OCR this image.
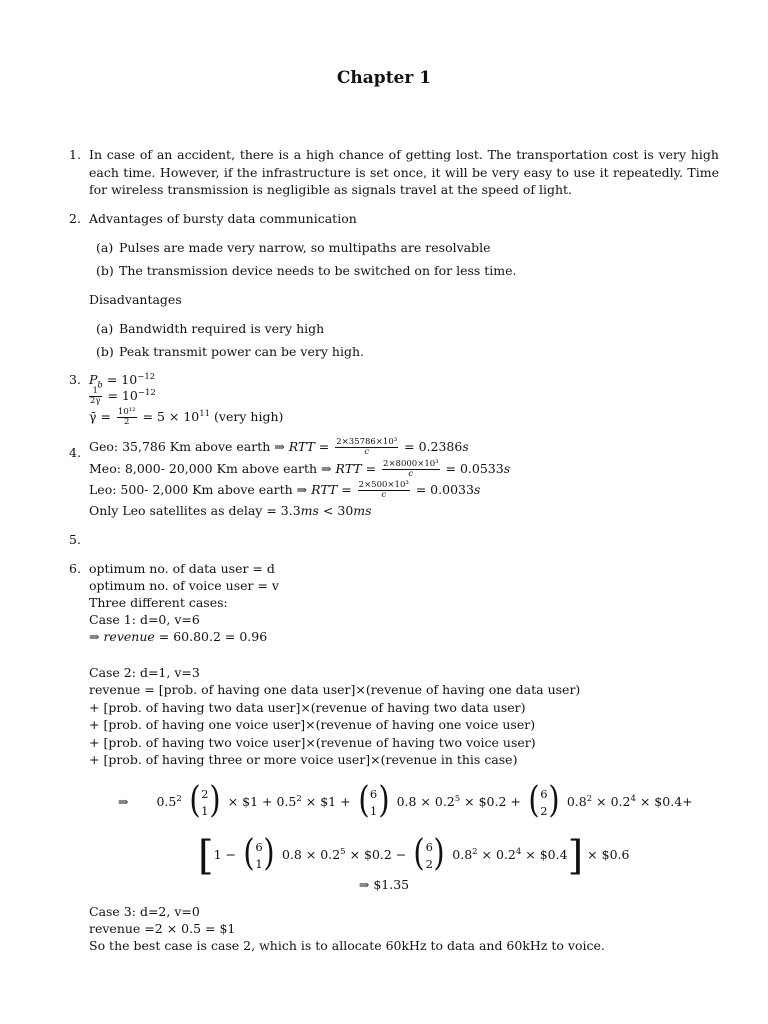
Chapter 1
1. In case of an accident, there is a high chance of getting lost. The transportation cost is very high each time. However, if the infrastructure is set once, it will be very easy to use it repeatedly. Time for wireless transmission is negligible as signals travel at the speed of light.
2. Advantages of bursty data communication
(a) Pulses are made very narrow, so multipaths are resolvable
(b) The transmission device needs to be switched on for less time.
Disadvantages
(a) Bandwidth required is very high
(b) Peak transmit power can be very high.
3. $P_b = 10^{-12}$
$\frac{1}{2\gammā} = 10^{-12}$
γ̄ = $\frac{\text{10¹²}}{2} = 5 \times 10^{11}$ (very high)
4. Geo: 35,786 Km above earth ⇒ RTT = $\frac{\text{2×35786×10³}}{c} = 0.2386s$
Meo: 8,000- 20,000 Km above earth ⇒ RTT = $\frac{\text{2×8000×10³}}{c} = 0.0533s$
Leo: 500- 2,000 Km above earth ⇒ RTT = $\frac{\text{2×500×10³}}{c} = 0.0033s$
Only Leo satellites as delay = 3.3ms < 30ms
5.
6. optimum no. of data user = d
optimum no. of voice user = v
Three different cases:
Case 1: d=0, v=6
⇒ revenue = 60.80.2 = 0.96
Case 2: d=1, v=3
revenue = [prob. of having one data user]×(revenue of having one data user)
+ [prob. of having two data user]×(revenue of having two data user)
+ [prob. of having one voice user]×(revenue of having one voice user)
+ [prob. of having two voice user]×(revenue of having two voice user)
+ [prob. of having three or more voice user]×(revenue in this case)
⇒ $0.5^2$ ( 2
1 ) × $1 + $0.5^2$ × $1 + ( 6
1 ) $0.8 \times 0.2^5$ × $0.2 + ( 6
2 ) $0.8^2 \times 0.2^4$ × $0.4+
[1 − ( 6
1 ) $0.8 \times 0.2^5$ × $0.2 − ( 6
2 ) $0.8^2 \times 0.2^4$ × $0.4] × $0.6
⇒ $1.35
Case 3: d=2, v=0
revenue =2 × 0.5 = $1
So the best case is case 2, which is to allocate 60kHz to data and 60kHz to voice.
